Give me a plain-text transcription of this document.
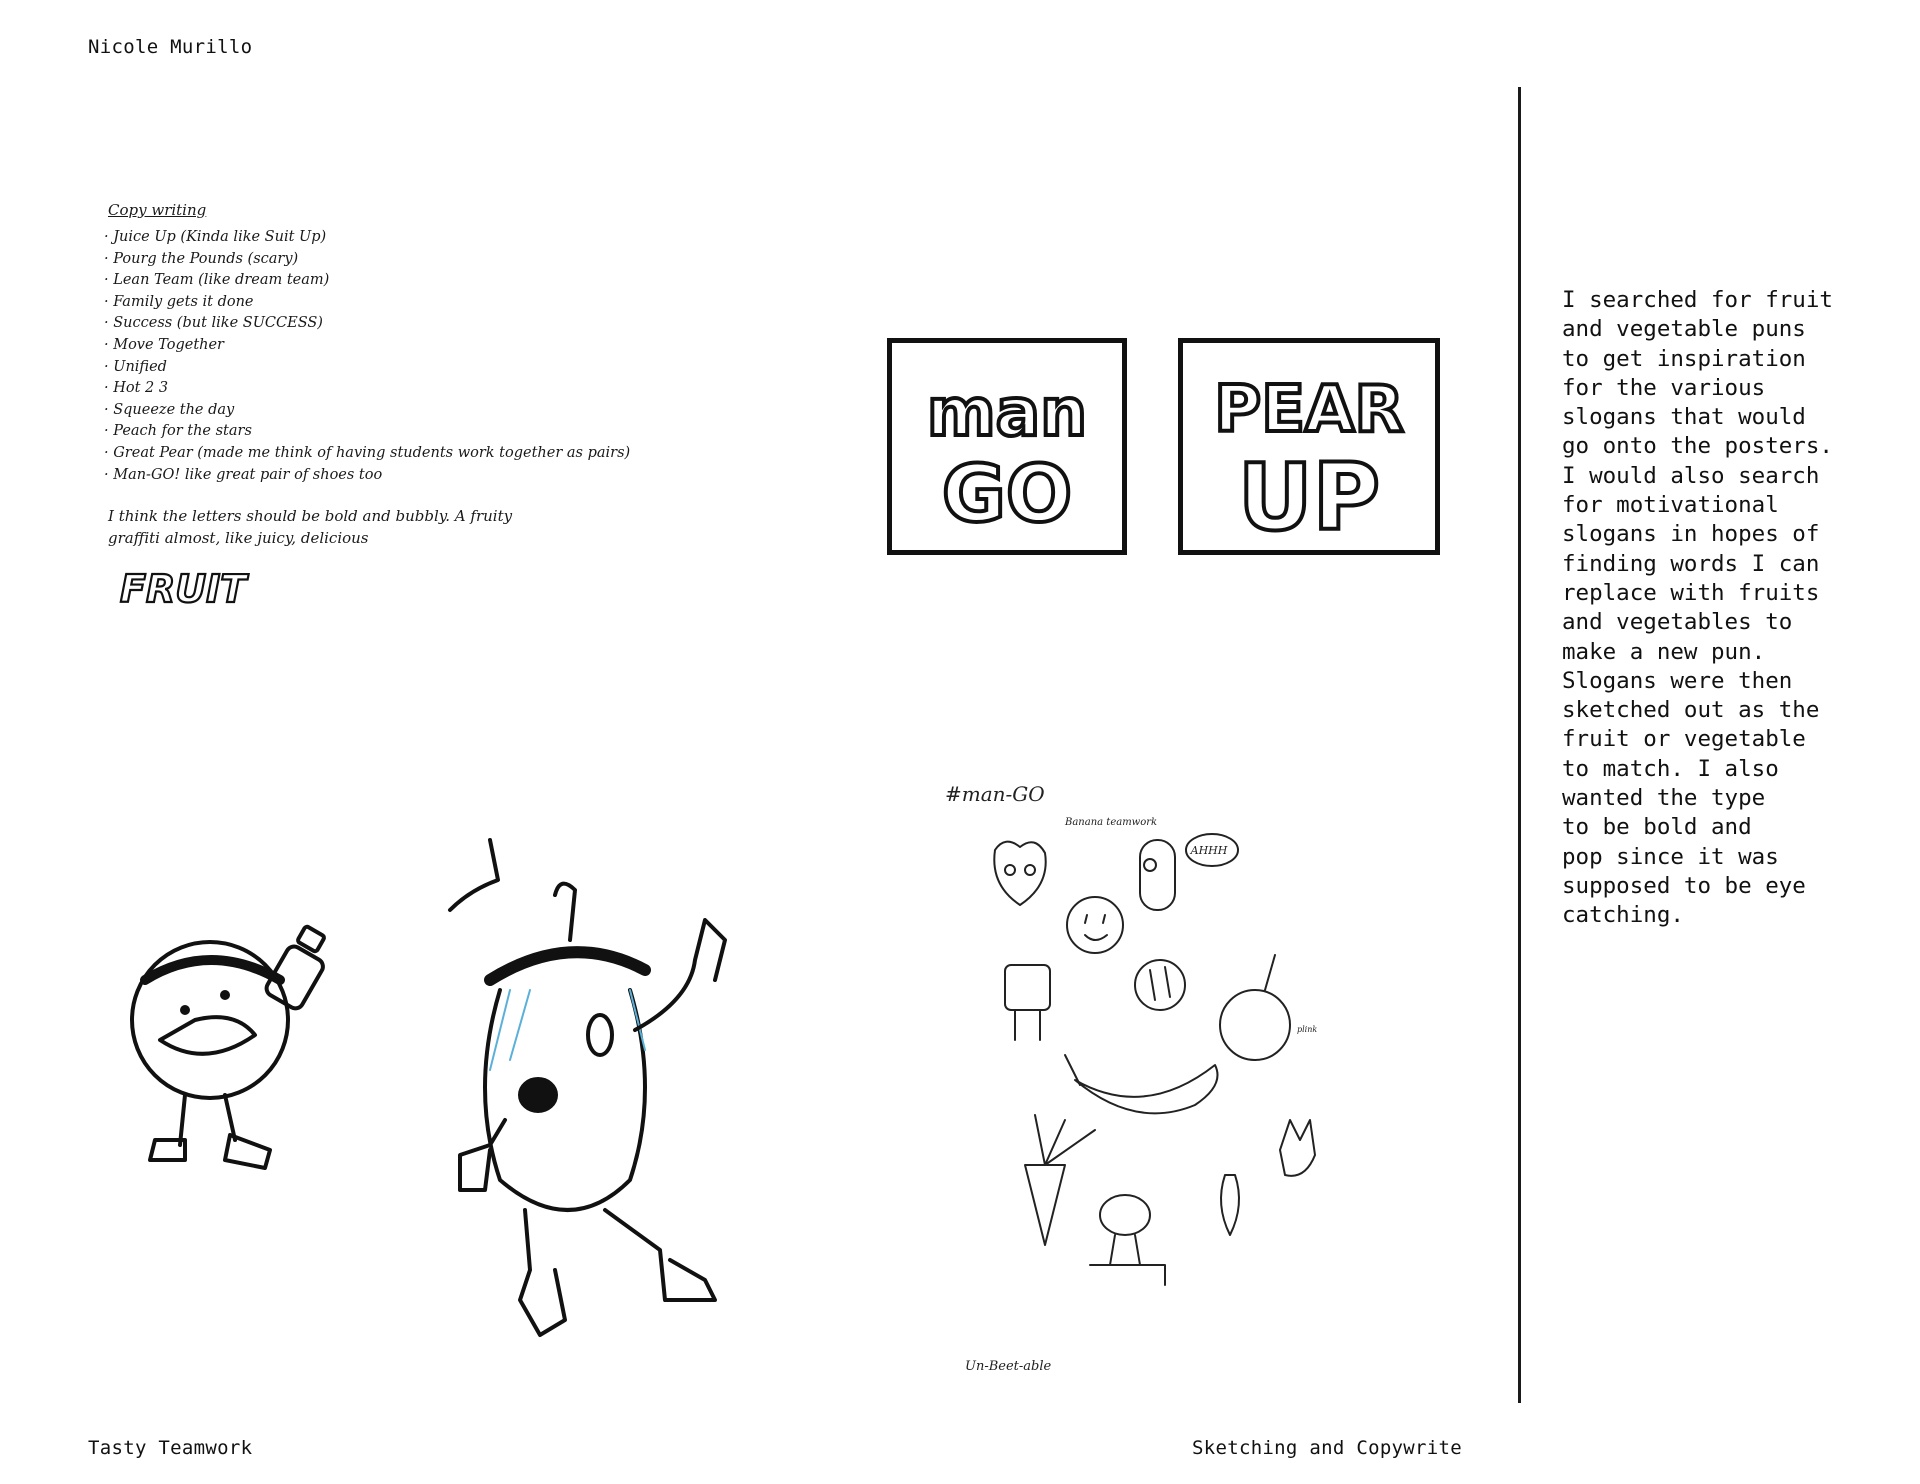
Nicole Murillo
Copy writing
· Juice Up (Kinda like Suit Up)
· Pourg the Pounds (scary)
· Lean Team (like dream team)
· Family gets it done
· Success (but like SUCCESS)
· Move Together
· Unified
· Hot 2 3
· Squeeze the day
· Peach for the stars
· Great Pear (made me think of having students work together as pairs)
· Man-GO! like great pair of shoes too
I think the letters should be bold and bubbly. A fruity graffiti almost, like juicy, delicious
FRUIT
man
GO
PEAR
UP
#man-GO
Banana teamwork
AHHH
plink
Un-Beet-able
I searched for fruit
and vegetable puns
to get inspiration
for the various
slogans that would
go onto the posters.
I would also search
for motivational
slogans in hopes of
finding words I can
replace with fruits
and vegetables to
make a new pun.
Slogans were then
sketched out as the
fruit or vegetable
to match. I also
wanted the type
to be bold and
pop since it was
supposed to be eye
catching.
Tasty Teamwork	Sketching and Copywrite
